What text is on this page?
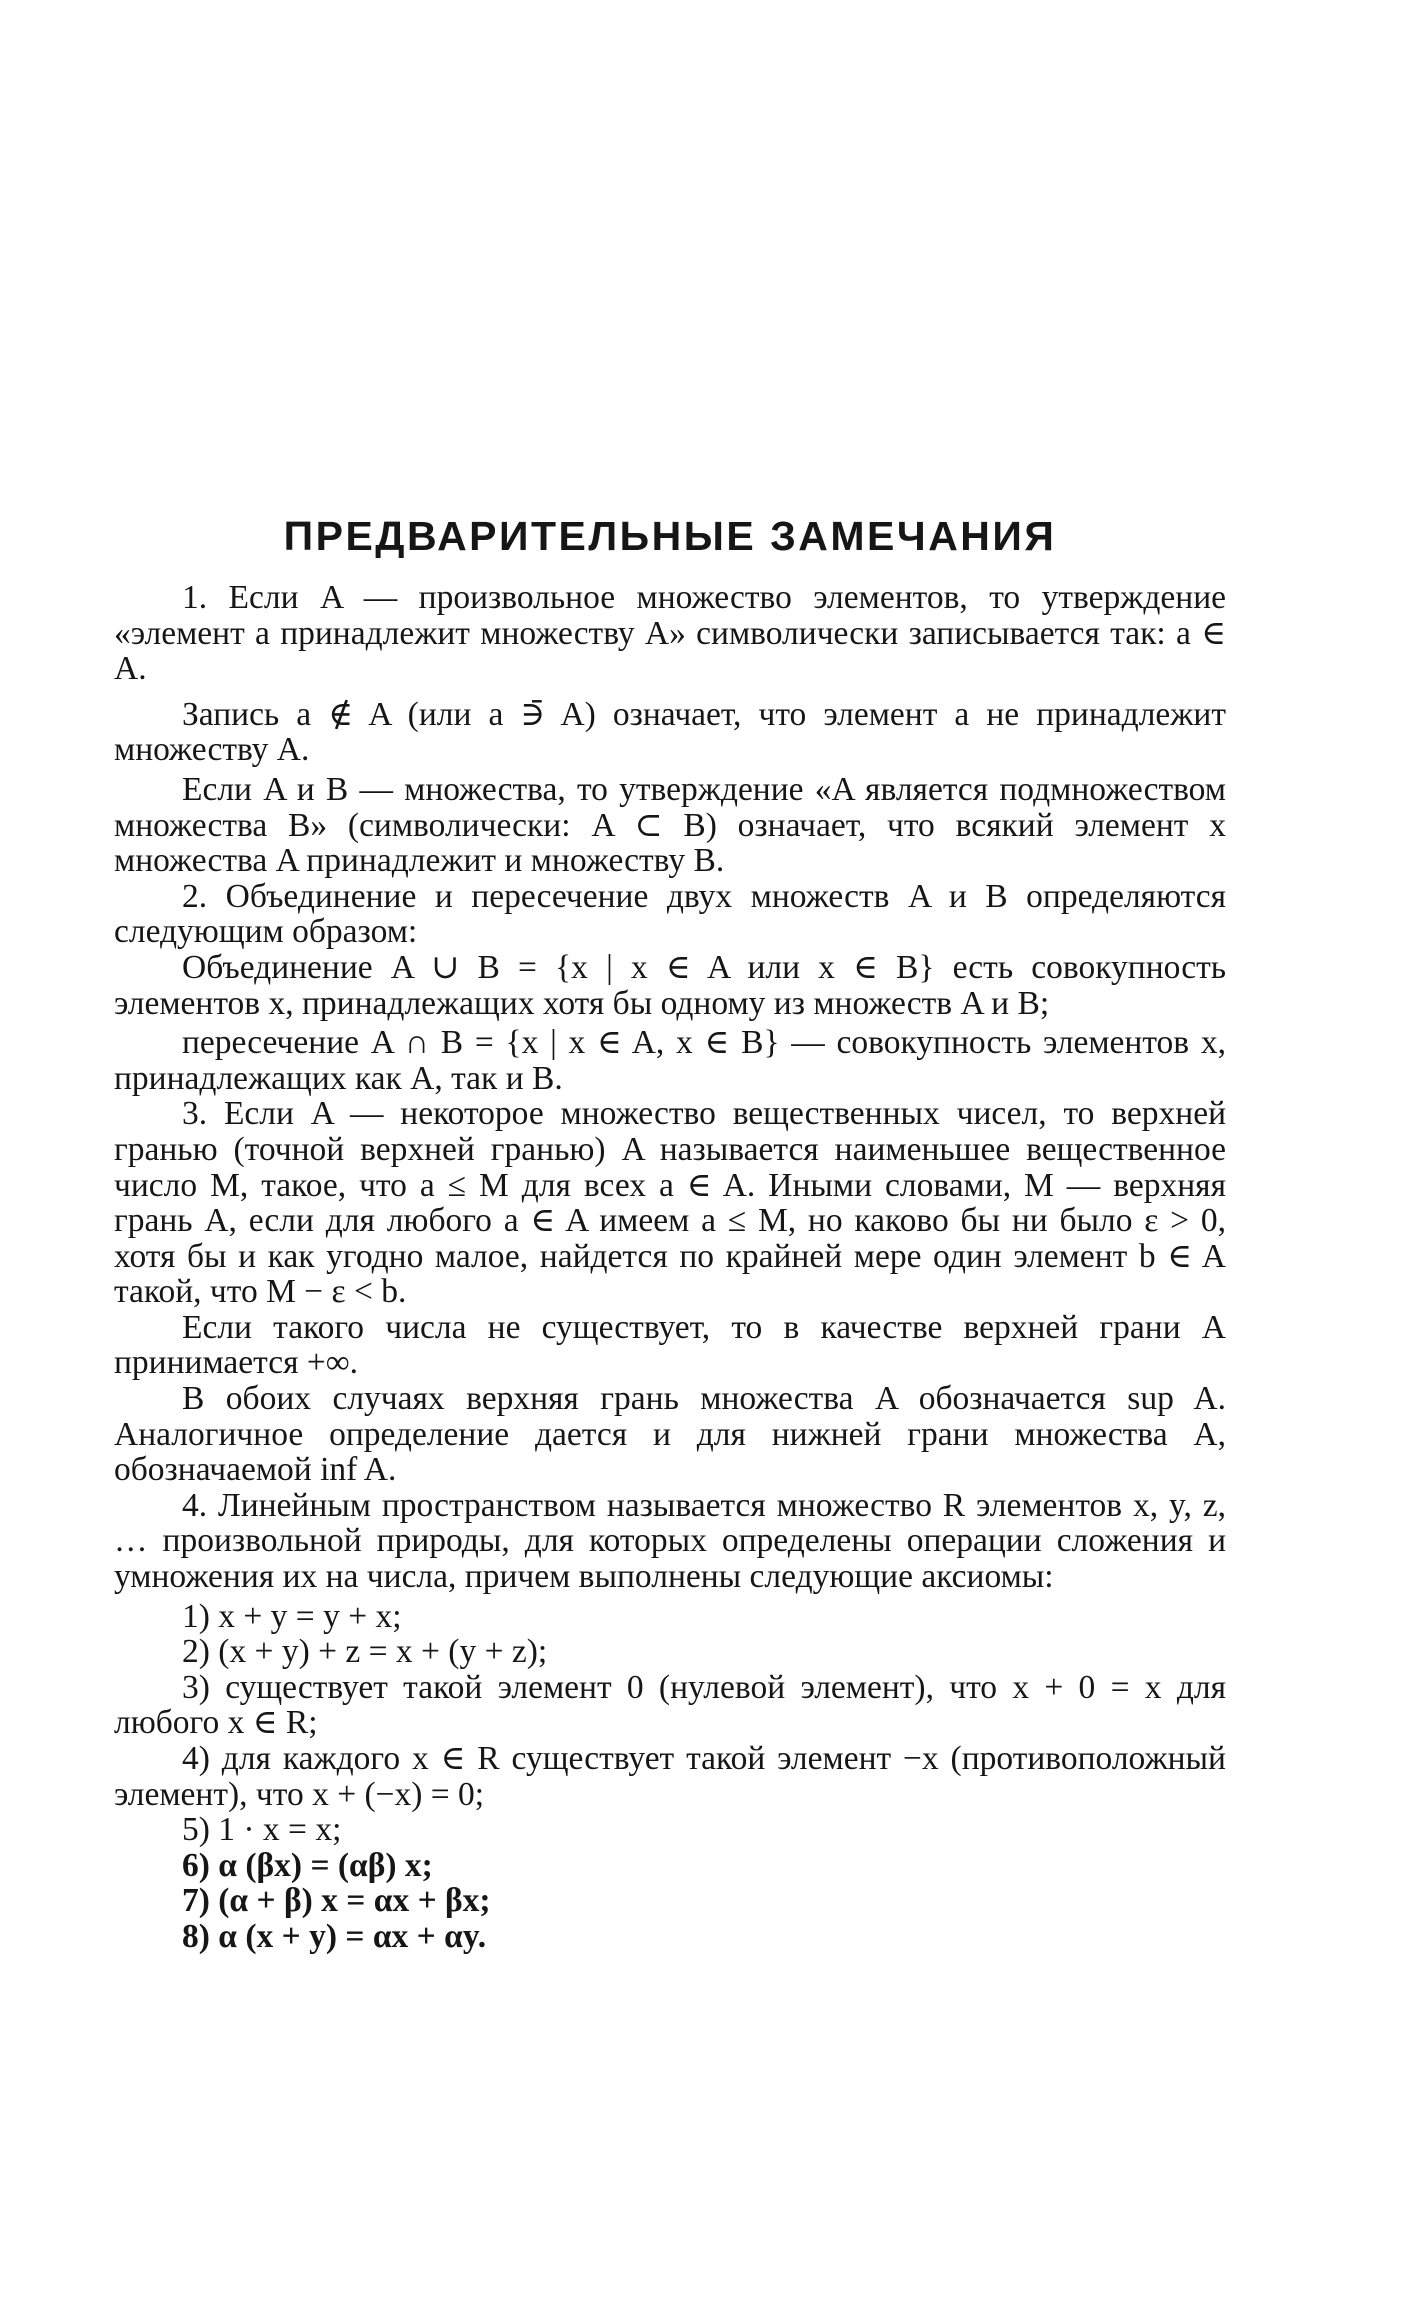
ПРЕДВАРИТЕЛЬНЫЕ ЗАМЕЧАНИЯ

1. Если A — произвольное множество элементов, то утверждение «элемент a принадлежит множеству A» символически записывается так: a ∈ A.

Запись a ∉ A (или a ∋̄ A) означает, что элемент a не принадлежит множеству A.

Если A и B — множества, то утверждение «A является подмножеством множества B» (символически: A ⊂ B) означает, что всякий элемент x множества A принадлежит и множеству B.

2. Объединение и пересечение двух множеств A и B определяются следующим образом:

Объединение A ∪ B = {x | x ∈ A или x ∈ B} есть совокупность элементов x, принадлежащих хотя бы одному из множеств A и B;

пересечение A ∩ B = {x | x ∈ A, x ∈ B} — совокупность элементов x, принадлежащих как A, так и B.

3. Если A — некоторое множество вещественных чисел, то верхней гранью (точной верхней гранью) A называется наименьшее вещественное число M, такое, что a ≤ M для всех a ∈ A. Иными словами, M — верхняя грань A, если для любого a ∈ A имеем a ≤ M, но каково бы ни было ε > 0, хотя бы и как угодно малое, найдется по крайней мере один элемент b ∈ A такой, что M − ε < b.

Если такого числа не существует, то в качестве верхней грани A принимается +∞.

В обоих случаях верхняя грань множества A обозначается sup A. Аналогичное определение дается и для нижней грани множества A, обозначаемой inf A.

4. Линейным пространством называется множество R элементов x, y, z, … произвольной природы, для которых определены операции сложения и умножения их на числа, причем выполнены следующие аксиомы:

1) x + y = y + x;
2) (x + y) + z = x + (y + z);

3) существует такой элемент 0 (нулевой элемент), что x + 0 = x для любого x ∈ R;

4) для каждого x ∈ R существует такой элемент −x (противоположный элемент), что x + (−x) = 0;

5) 1 · x = x;
6) α (βx) = (αβ) x;
7) (α + β) x = αx + βx;
8) α (x + y) = αx + αy.
